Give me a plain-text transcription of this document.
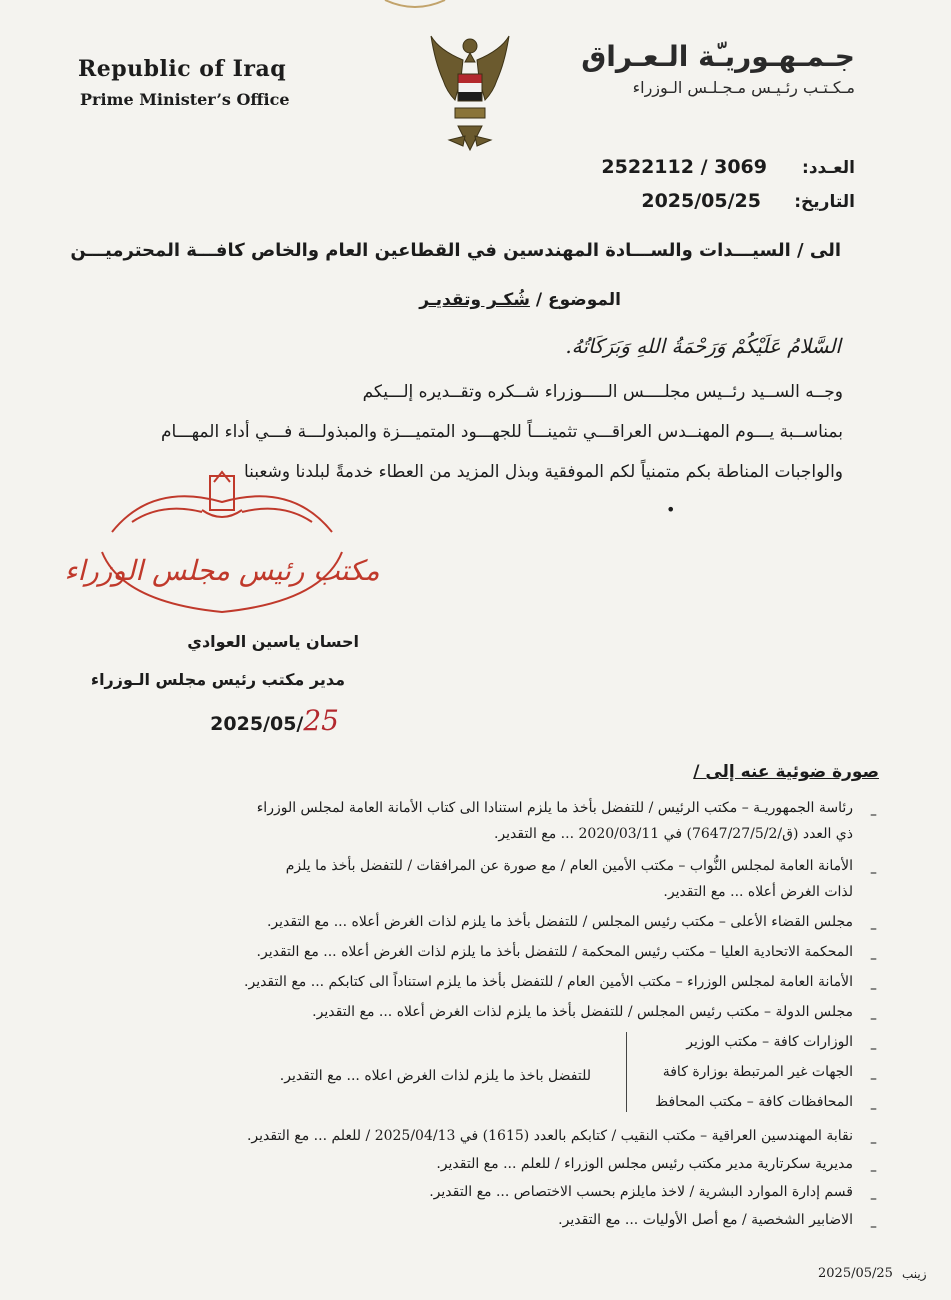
Republic of Iraq
Prime Minister’s Office
جـمـهـوريـّة الـعـراق
مـكـتـب رئـيـس مـجـلـس الـوزراء
العـدد:
2522112 / 3069
التاريخ:
2025/05/25
الى / السيـــدات والســـادة المهندسين في القطاعين العام والخاص كافـــة المحترميـــن
الموضوع / شُكـر وتقديـر
السَّلامُ عَلَيْكُمْ وَرَحْمَةُ اللهِ وَبَرَكَاتُهُ.
وجــه الســيد رئــيس مجلــــس الـــــوزراء شــكره وتقــديره إلـــيكم
بمناســبة يـــوم المهنــدس العراقـــي تثمينـــاً للجهـــود المتميـــزة والمبذولـــة فـــي أداء المهـــام
والواجبات المناطة بكم متمنياً لكم الموفقية وبذل المزيد من العطاء خدمةً لبلدنا وشعبنا
•
مكتب رئيس مجلس الوزراء
احسان ياسين العوادي
مدير مكتب رئيس مجلس الـوزراء
2025/05/25
صورة ضوئية عنه إلى /
رئاسة الجمهوريـة – مكتب الرئيس / للتفضل بأخذ ما يلزم استنادا الى كتاب الأمانة العامة لمجلس الوزراء
ذي العدد (ق/7647/27/5/2) في 2020/03/11 ... مع التقدير.
الأمانة العامة لمجلس النُّواب – مكتب الأمين العام / مع صورة عن المرافقات / للتفضل بأخذ ما يلزم
لذات الغرض أعلاه ... مع التقدير.
مجلس القضاء الأعلى – مكتب رئيس المجلس / للتفضل بأخذ ما يلزم لذات الغرض أعلاه ... مع التقدير.
المحكمة الاتحادية العليا – مكتب رئيس المحكمة / للتفضل بأخذ ما يلزم لذات الغرض أعلاه ... مع التقدير.
الأمانة العامة لمجلس الوزراء – مكتب الأمين العام / للتفضل بأخذ ما يلزم استناداً الى كتابكم ... مع التقدير.
مجلس الدولة – مكتب رئيس المجلس / للتفضل بأخذ ما يلزم لذات الغرض أعلاه ... مع التقدير.
الوزارات كافة – مكتب الوزير
الجهات غير المرتبطة بوزارة كافة
المحافظات كافة – مكتب المحافظ
للتفضل باخذ ما يلزم لذات الغرض اعلاه ... مع التقدير.
نقابة المهندسين العراقية – مكتب النقيب / كتابكم بالعدد (1615) في 2025/04/13 / للعلم ... مع التقدير.
مديرية سكرتارية مدير مكتب رئيس مجلس الوزراء / للعلم ... مع التقدير.
قسم إدارة الموارد البشرية / لاخذ مايلزم بحسب الاختصاص ... مع التقدير.
الاضابير الشخصية / مع أصل الأوليات ... مع التقدير.
–
–
–
–
–
–
–
–
–
–
–
–
–
2025/05/25 زينب
